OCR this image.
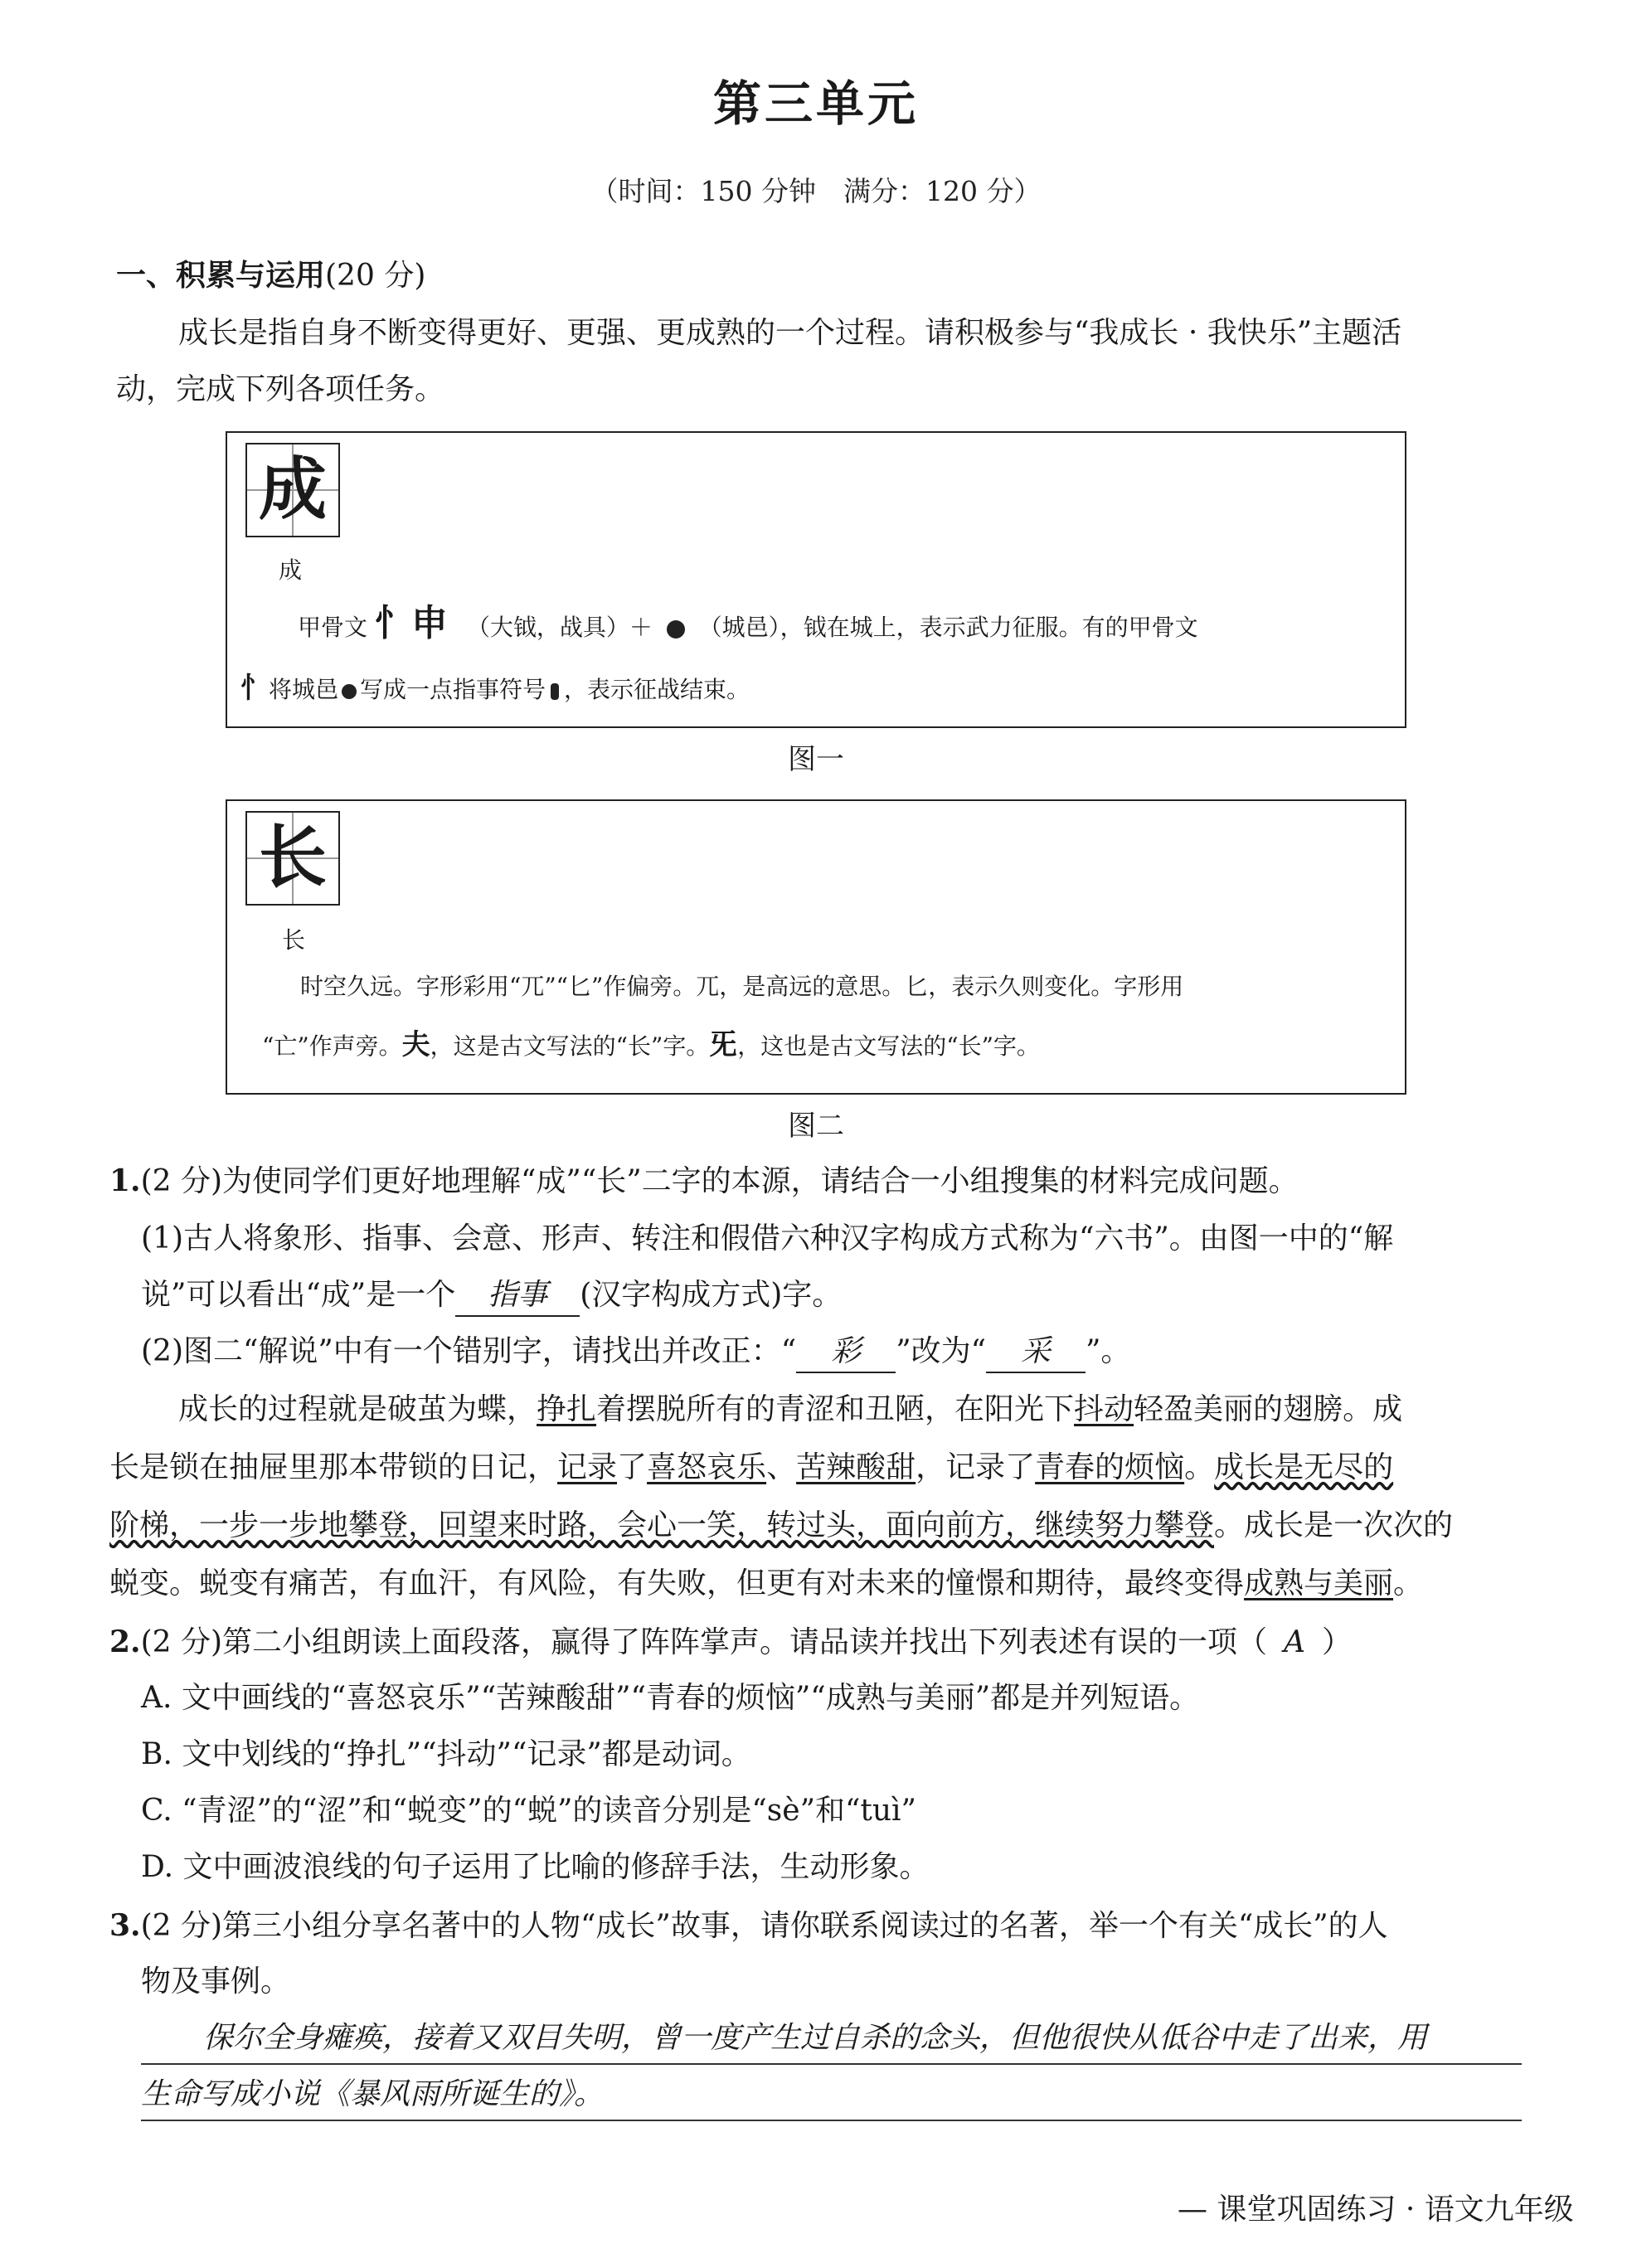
第三单元
（时间：150 分钟　满分：120 分）
一、积累与运用(20 分)
成长是指自身不断变得更好、更强、更成熟的一个过程。请积极参与“我成长 · 我快乐”主题活
动，完成下列各项任务。
成
成
甲骨文 忄申 （大钺，战具）＋ （城邑），钺在城上，表示武力征服。有的甲骨文
忄将城邑 写成一点指事符号 ，表示征战结束。
图一
长
长
时空久远。字形彩用“兀”“匕”作偏旁。兀，是高远的意思。匕，表示久则变化。字形用
“亡”作声旁。夫，这是古文写法的“长”字。旡，这也是古文写法的“长”字。
图二
1.(2 分)为使同学们更好地理解“成”“长”二字的本源，请结合一小组搜集的材料完成问题。
(1)古人将象形、指事、会意、形声、转注和假借六种汉字构成方式称为“六书”。由图一中的“解
说”可以看出“成”是一个 指事 (汉字构成方式)字。
(2)图二“解说”中有一个错别字，请找出并改正：“ 彩 ”改为“ 采 ”。
成长的过程就是破茧为蝶，挣扎着摆脱所有的青涩和丑陋，在阳光下抖动轻盈美丽的翅膀。成
长是锁在抽屉里那本带锁的日记，记录了喜怒哀乐、苦辣酸甜，记录了青春的烦恼。成长是无尽的
阶梯，一步一步地攀登，回望来时路，会心一笑，转过头，面向前方，继续努力攀登。成长是一次次的
蜕变。蜕变有痛苦，有血汗，有风险，有失败，但更有对未来的憧憬和期待，最终变得成熟与美丽。
2.(2 分)第二小组朗读上面段落，赢得了阵阵掌声。请品读并找出下列表述有误的一项（ A ）
A. 文中画线的“喜怒哀乐”“苦辣酸甜”“青春的烦恼”“成熟与美丽”都是并列短语。
B. 文中划线的“挣扎”“抖动”“记录”都是动词。
C. “青涩”的“涩”和“蜕变”的“蜕”的读音分别是“sè”和“tuì”
D. 文中画波浪线的句子运用了比喻的修辞手法，生动形象。
3.(2 分)第三小组分享名著中的人物“成长”故事，请你联系阅读过的名著，举一个有关“成长”的人
物及事例。
保尔全身瘫痪，接着又双目失明，曾一度产生过自杀的念头，但他很快从低谷中走了出来，用
生命写成小说《暴风雨所诞生的》。
— 课堂巩固练习 · 语文九年级
